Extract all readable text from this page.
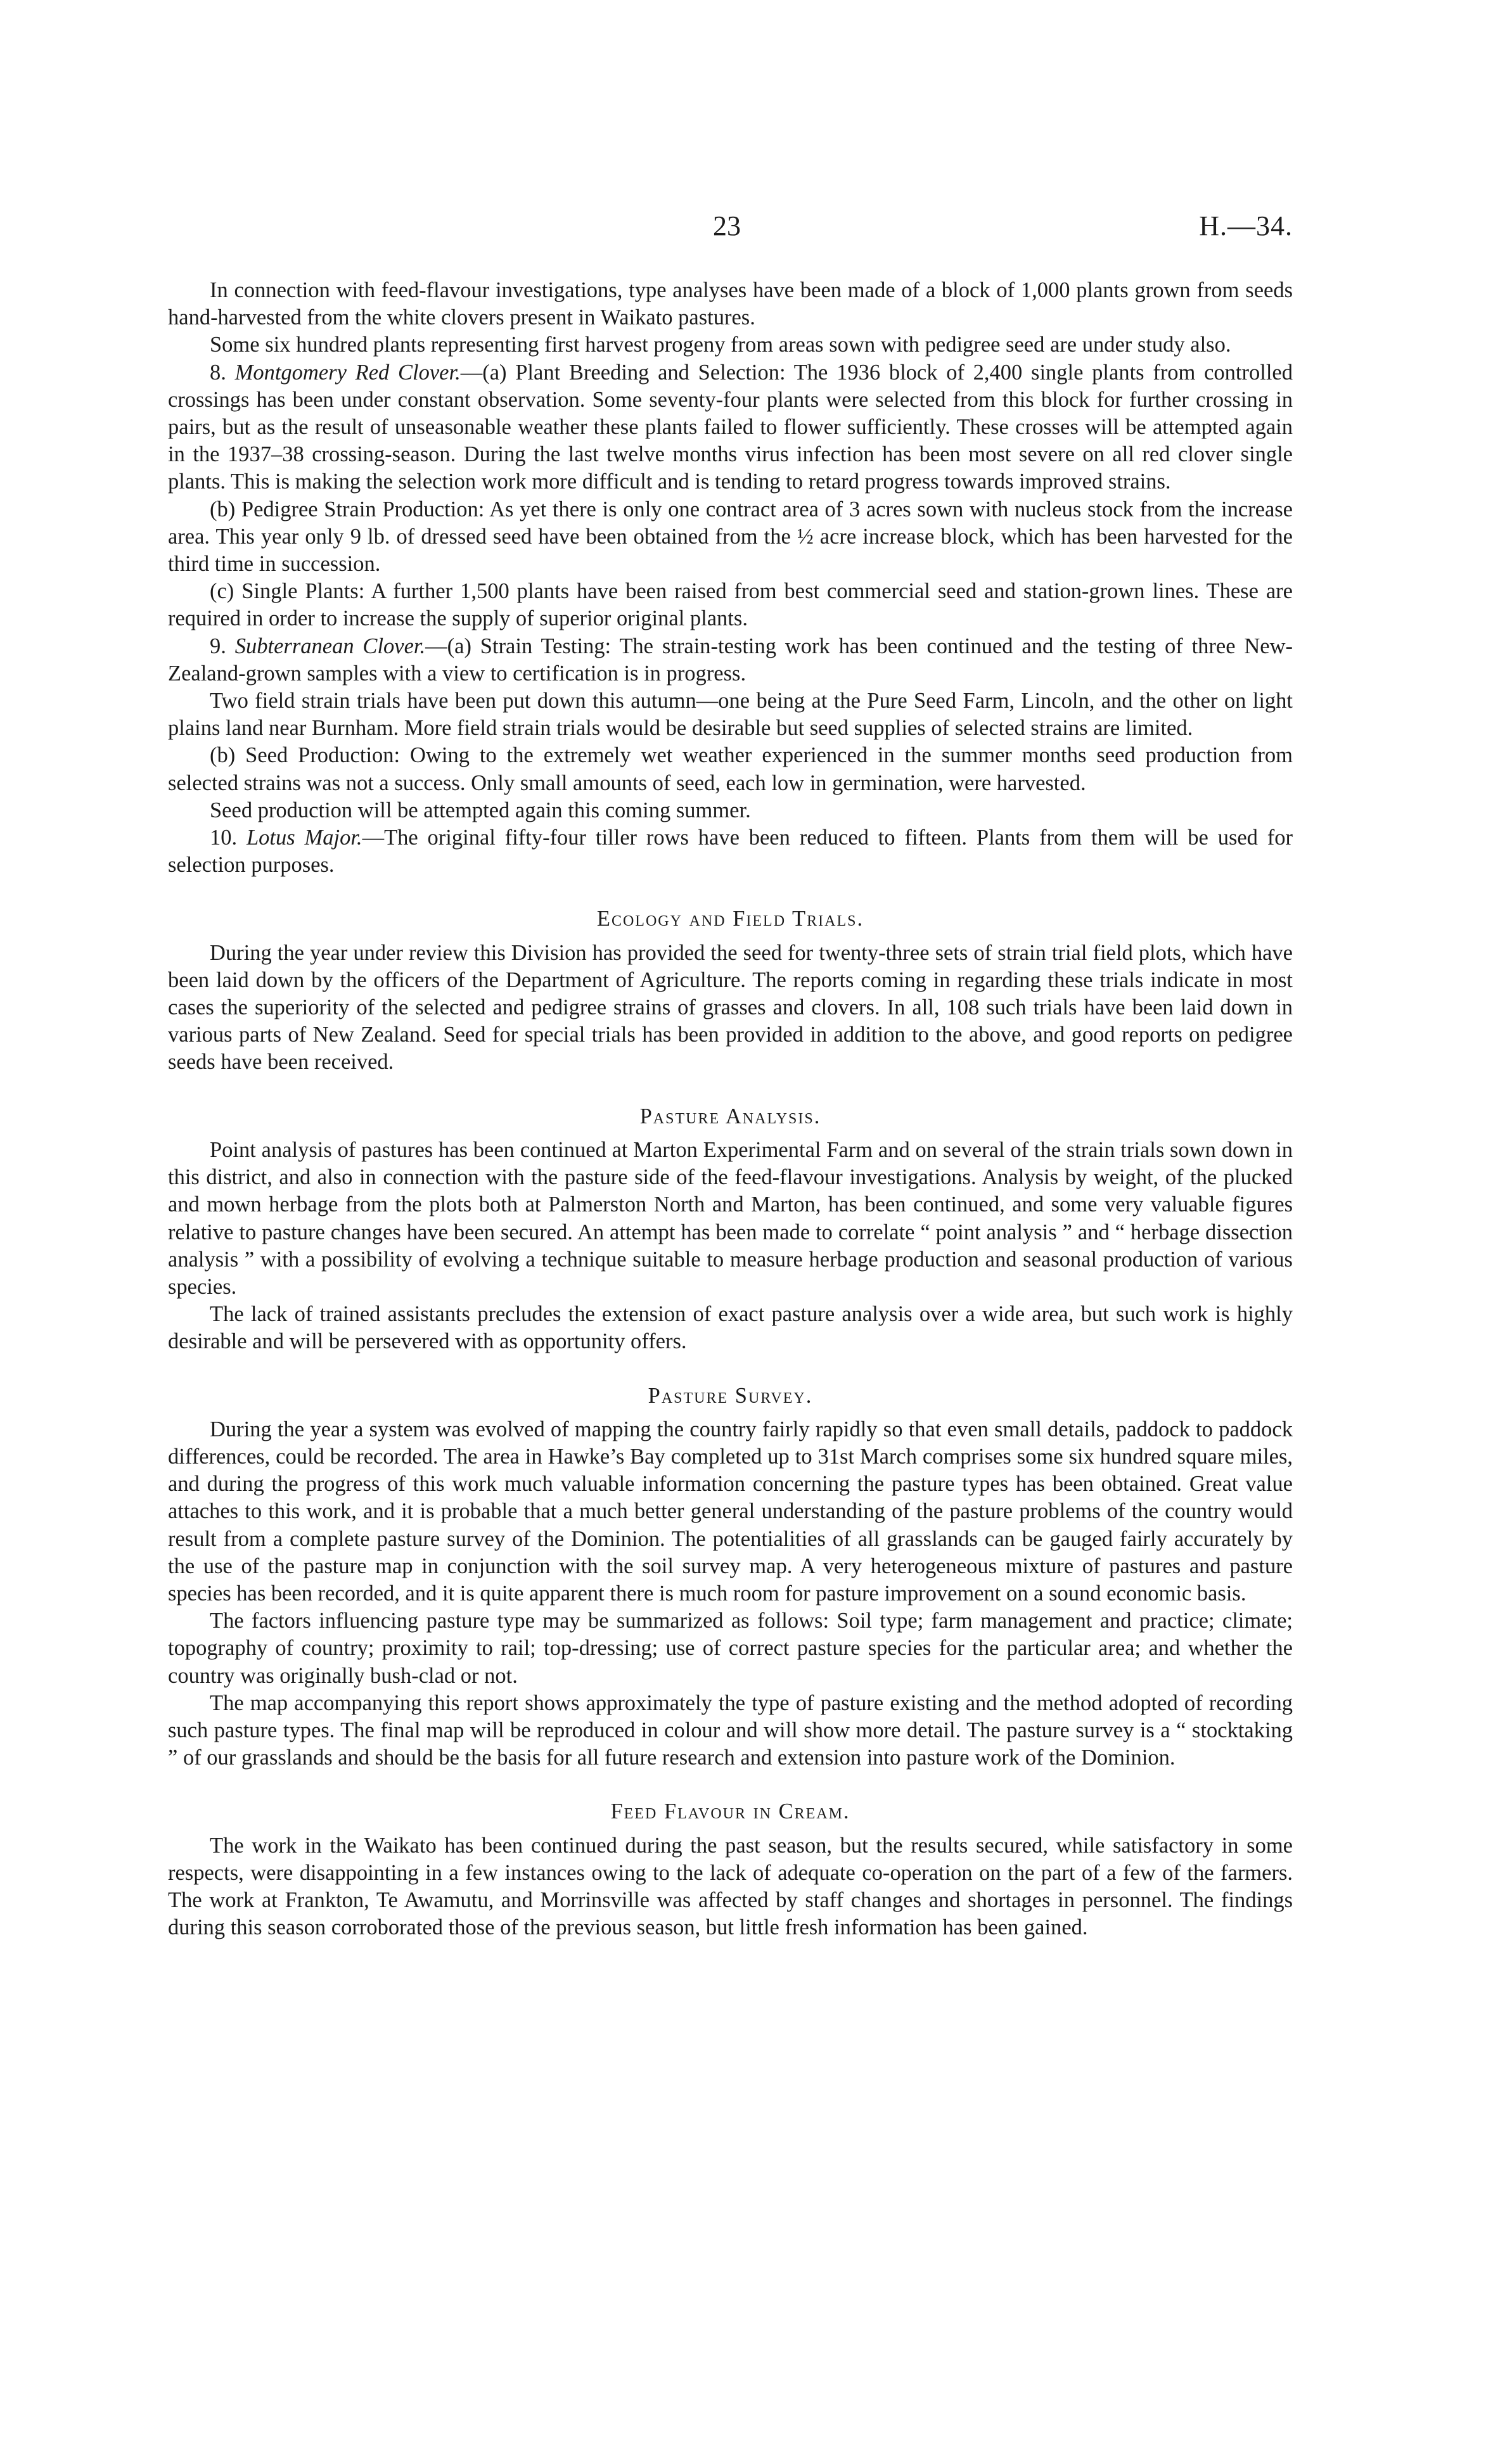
23	H.—34.

In connection with feed-flavour investigations, type analyses have been made of a block of 1,000 plants grown from seeds hand-harvested from the white clovers present in Waikato pastures.

Some six hundred plants representing first harvest progeny from areas sown with pedigree seed are under study also.

8. Montgomery Red Clover.—(a) Plant Breeding and Selection: The 1936 block of 2,400 single plants from controlled crossings has been under constant observation. Some seventy-four plants were selected from this block for further crossing in pairs, but as the result of unseasonable weather these plants failed to flower sufficiently. These crosses will be attempted again in the 1937–38 crossing-season. During the last twelve months virus infection has been most severe on all red clover single plants. This is making the selection work more difficult and is tending to retard progress towards improved strains.

(b) Pedigree Strain Production: As yet there is only one contract area of 3 acres sown with nucleus stock from the increase area. This year only 9 lb. of dressed seed have been obtained from the ½ acre increase block, which has been harvested for the third time in succession.

(c) Single Plants: A further 1,500 plants have been raised from best commercial seed and station-grown lines. These are required in order to increase the supply of superior original plants.

9. Subterranean Clover.—(a) Strain Testing: The strain-testing work has been continued and the testing of three New-Zealand-grown samples with a view to certification is in progress.

Two field strain trials have been put down this autumn—one being at the Pure Seed Farm, Lincoln, and the other on light plains land near Burnham. More field strain trials would be desirable but seed supplies of selected strains are limited.

(b) Seed Production: Owing to the extremely wet weather experienced in the summer months seed production from selected strains was not a success. Only small amounts of seed, each low in germination, were harvested.

Seed production will be attempted again this coming summer.

10. Lotus Major.—The original fifty-four tiller rows have been reduced to fifteen. Plants from them will be used for selection purposes.

Ecology and Field Trials.

During the year under review this Division has provided the seed for twenty-three sets of strain trial field plots, which have been laid down by the officers of the Department of Agriculture. The reports coming in regarding these trials indicate in most cases the superiority of the selected and pedigree strains of grasses and clovers. In all, 108 such trials have been laid down in various parts of New Zealand. Seed for special trials has been provided in addition to the above, and good reports on pedigree seeds have been received.

Pasture Analysis.

Point analysis of pastures has been continued at Marton Experimental Farm and on several of the strain trials sown down in this district, and also in connection with the pasture side of the feed-flavour investigations. Analysis by weight, of the plucked and mown herbage from the plots both at Palmerston North and Marton, has been continued, and some very valuable figures relative to pasture changes have been secured. An attempt has been made to correlate “ point analysis ” and “ herbage dissection analysis ” with a possibility of evolving a technique suitable to measure herbage production and seasonal production of various species.

The lack of trained assistants precludes the extension of exact pasture analysis over a wide area, but such work is highly desirable and will be persevered with as opportunity offers.

Pasture Survey.

During the year a system was evolved of mapping the country fairly rapidly so that even small details, paddock to paddock differences, could be recorded. The area in Hawke’s Bay completed up to 31st March comprises some six hundred square miles, and during the progress of this work much valuable information concerning the pasture types has been obtained. Great value attaches to this work, and it is probable that a much better general understanding of the pasture problems of the country would result from a complete pasture survey of the Dominion. The potentialities of all grasslands can be gauged fairly accurately by the use of the pasture map in conjunction with the soil survey map. A very heterogeneous mixture of pastures and pasture species has been recorded, and it is quite apparent there is much room for pasture improvement on a sound economic basis.

The factors influencing pasture type may be summarized as follows: Soil type; farm management and practice; climate; topography of country; proximity to rail; top-dressing; use of correct pasture species for the particular area; and whether the country was originally bush-clad or not.

The map accompanying this report shows approximately the type of pasture existing and the method adopted of recording such pasture types. The final map will be reproduced in colour and will show more detail. The pasture survey is a “ stocktaking ” of our grasslands and should be the basis for all future research and extension into pasture work of the Dominion.

Feed Flavour in Cream.

The work in the Waikato has been continued during the past season, but the results secured, while satisfactory in some respects, were disappointing in a few instances owing to the lack of adequate co-operation on the part of a few of the farmers. The work at Frankton, Te Awamutu, and Morrinsville was affected by staff changes and shortages in personnel. The findings during this season corroborated those of the previous season, but little fresh information has been gained.
